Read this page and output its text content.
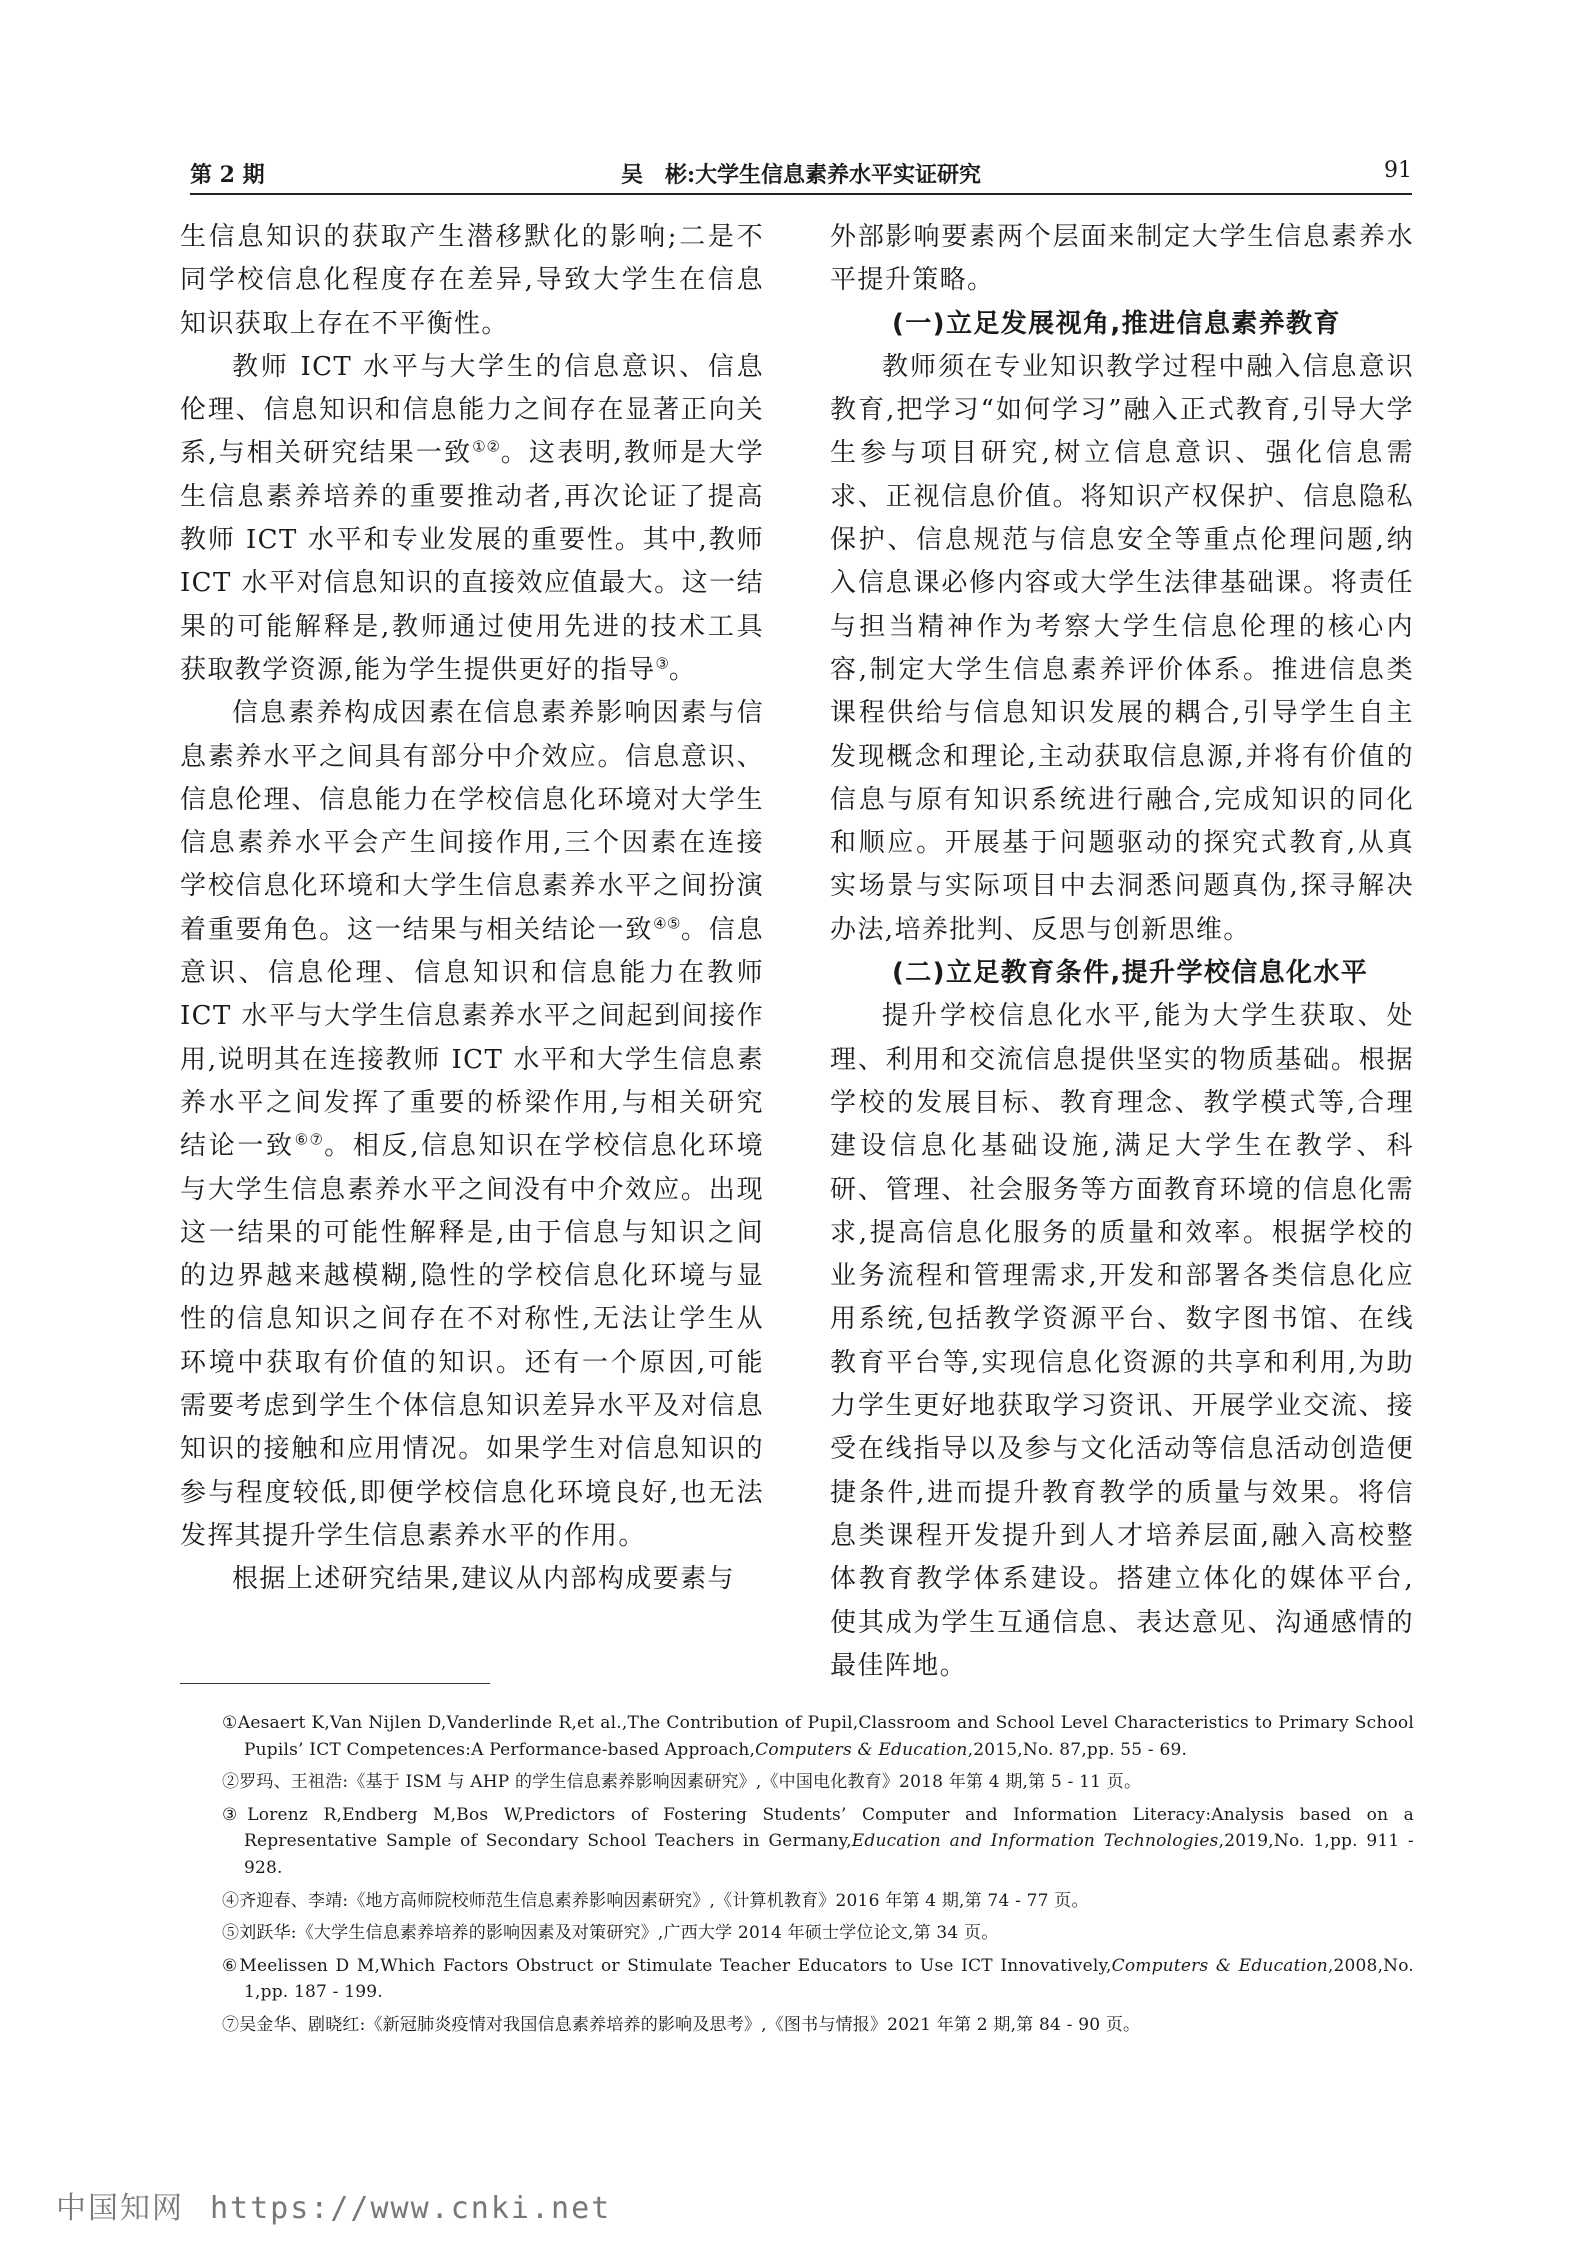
第 2 期	吴　彬:大学生信息素养水平实证研究	91

生信息知识的获取产生潜移默化的影响;二是不同学校信息化程度存在差异,导致大学生在信息知识获取上存在不平衡性。

教师 ICT 水平与大学生的信息意识、信息伦理、信息知识和信息能力之间存在显著正向关系,与相关研究结果一致①②。这表明,教师是大学生信息素养培养的重要推动者,再次论证了提高教师 ICT 水平和专业发展的重要性。其中,教师 ICT 水平对信息知识的直接效应值最大。这一结果的可能解释是,教师通过使用先进的技术工具获取教学资源,能为学生提供更好的指导③。

信息素养构成因素在信息素养影响因素与信息素养水平之间具有部分中介效应。信息意识、信息伦理、信息能力在学校信息化环境对大学生信息素养水平会产生间接作用,三个因素在连接学校信息化环境和大学生信息素养水平之间扮演着重要角色。这一结果与相关结论一致④⑤。信息意识、信息伦理、信息知识和信息能力在教师 ICT 水平与大学生信息素养水平之间起到间接作用,说明其在连接教师 ICT 水平和大学生信息素养水平之间发挥了重要的桥梁作用,与相关研究结论一致⑥⑦。相反,信息知识在学校信息化环境与大学生信息素养水平之间没有中介效应。出现这一结果的可能性解释是,由于信息与知识之间的边界越来越模糊,隐性的学校信息化环境与显性的信息知识之间存在不对称性,无法让学生从环境中获取有价值的知识。还有一个原因,可能需要考虑到学生个体信息知识差异水平及对信息知识的接触和应用情况。如果学生对信息知识的参与程度较低,即便学校信息化环境良好,也无法发挥其提升学生信息素养水平的作用。

根据上述研究结果,建议从内部构成要素与

外部影响要素两个层面来制定大学生信息素养水平提升策略。

(一)立足发展视角,推进信息素养教育

教师须在专业知识教学过程中融入信息意识教育,把学习“如何学习”融入正式教育,引导大学生参与项目研究,树立信息意识、强化信息需求、正视信息价值。将知识产权保护、信息隐私保护、信息规范与信息安全等重点伦理问题,纳入信息课必修内容或大学生法律基础课。将责任与担当精神作为考察大学生信息伦理的核心内容,制定大学生信息素养评价体系。推进信息类课程供给与信息知识发展的耦合,引导学生自主发现概念和理论,主动获取信息源,并将有价值的信息与原有知识系统进行融合,完成知识的同化和顺应。开展基于问题驱动的探究式教育,从真实场景与实际项目中去洞悉问题真伪,探寻解决办法,培养批判、反思与创新思维。

(二)立足教育条件,提升学校信息化水平

提升学校信息化水平,能为大学生获取、处理、利用和交流信息提供坚实的物质基础。根据学校的发展目标、教育理念、教学模式等,合理建设信息化基础设施,满足大学生在教学、科研、管理、社会服务等方面教育环境的信息化需求,提高信息化服务的质量和效率。根据学校的业务流程和管理需求,开发和部署各类信息化应用系统,包括教学资源平台、数字图书馆、在线教育平台等,实现信息化资源的共享和利用,为助力学生更好地获取学习资讯、开展学业交流、接受在线指导以及参与文化活动等信息活动创造便捷条件,进而提升教育教学的质量与效果。将信息类课程开发提升到人才培养层面,融入高校整体教育教学体系建设。搭建立体化的媒体平台,使其成为学生互通信息、表达意见、沟通感情的最佳阵地。

①Aesaert K,Van Nijlen D,Vanderlinde R,et al.,The Contribution of Pupil,Classroom and School Level Characteristics to Primary School Pupils’ ICT Competences:A Performance-based Approach,Computers & Education,2015,No. 87,pp. 55 - 69.

②罗玛、王祖浩:《基于 ISM 与 AHP 的学生信息素养影响因素研究》,《中国电化教育》2018 年第 4 期,第 5 - 11 页。

③Lorenz R,Endberg M,Bos W,Predictors of Fostering Students’ Computer and Information Literacy:Analysis based on a Representative Sample of Secondary School Teachers in Germany,Education and Information Technologies,2019,No. 1,pp. 911 - 928.

④齐迎春、李靖:《地方高师院校师范生信息素养影响因素研究》,《计算机教育》2016 年第 4 期,第 74 - 77 页。

⑤刘跃华:《大学生信息素养培养的影响因素及对策研究》,广西大学 2014 年硕士学位论文,第 34 页。

⑥Meelissen D M,Which Factors Obstruct or Stimulate Teacher Educators to Use ICT Innovatively,Computers & Education,2008,No. 1,pp. 187 - 199.

⑦吴金华、剧晓红:《新冠肺炎疫情对我国信息素养培养的影响及思考》,《图书与情报》2021 年第 2 期,第 84 - 90 页。

中国知网 https://www.cnki.net
